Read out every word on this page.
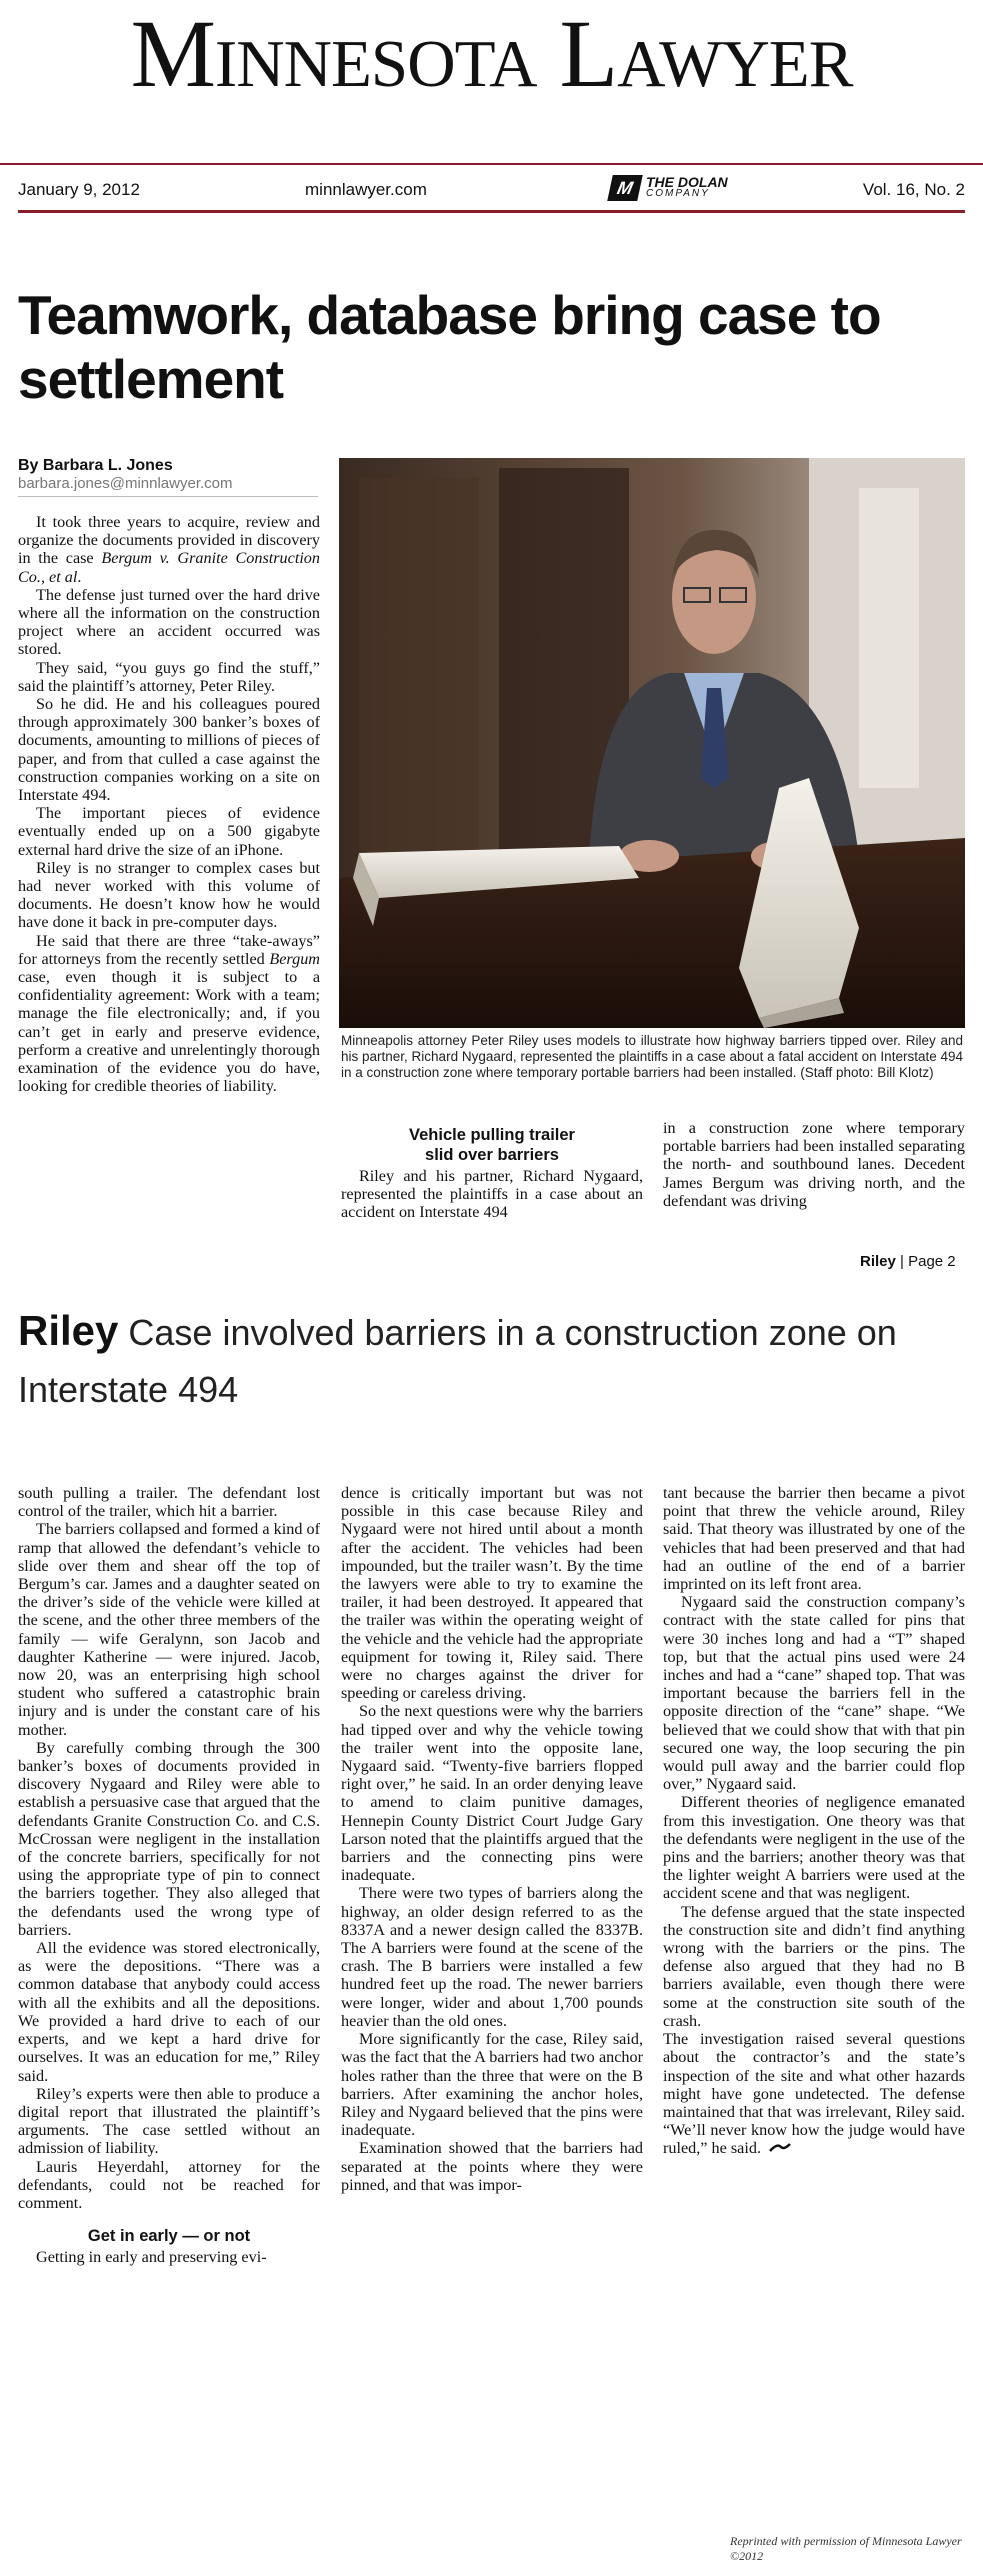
Minnesota Lawyer
January 9, 2012	minnlawyer.com	M THE DOLAN
COMPANY	Vol. 16, No. 2
Teamwork, database bring case to settlement
By Barbara L. Jones
barbara.jones@minnlawyer.com

It took three years to acquire, review and organize the documents provided in discovery in the case Bergum v. Granite Construction Co., et al.

The defense just turned over the hard drive where all the information on the construction project where an accident occurred was stored.

They said, “you guys go find the stuff,” said the plaintiff’s attorney, Peter Riley.

So he did. He and his colleagues poured through approximately 300 banker’s boxes of documents, amounting to millions of pieces of paper, and from that culled a case against the construction companies working on a site on Interstate 494.

The important pieces of evidence eventually ended up on a 500 gigabyte external hard drive the size of an iPhone.

Riley is no stranger to complex cases but had never worked with this volume of documents. He doesn’t know how he would have done it back in pre-computer days.

He said that there are three “take-aways” for attorneys from the recently settled Bergum case, even though it is subject to a confidentiality agreement: Work with a team; manage the file electronically; and, if you can’t get in early and preserve evidence, perform a creative and unrelentingly thorough examination of the evidence you do have, looking for credible theories of liability.

Minneapolis attorney Peter Riley uses models to illustrate how highway barriers tipped over. Riley and his partner, Richard Nygaard, represented the plaintiffs in a case about a fatal accident on Interstate 494 in a construction zone where temporary portable barriers had been installed. (Staff photo: Bill Klotz)
Vehicle pulling trailer
slid over barriers

Riley and his partner, Richard Nygaard, represented the plaintiffs in a case about an accident on Interstate 494

in a construction zone where temporary portable barriers had been installed separating the north- and southbound lanes. Decedent James Bergum was driving north, and the defendant was driving

Riley | Page 2
Riley Case involved barriers in a construction zone on Interstate 494

south pulling a trailer. The defendant lost control of the trailer, which hit a barrier.

The barriers collapsed and formed a kind of ramp that allowed the defendant’s vehicle to slide over them and shear off the top of Bergum’s car. James and a daughter seated on the driver’s side of the vehicle were killed at the scene, and the other three members of the family — wife Geralynn, son Jacob and daughter Katherine — were injured. Jacob, now 20, was an enterprising high school student who suffered a catastrophic brain injury and is under the constant care of his mother.

By carefully combing through the 300 banker’s boxes of documents provided in discovery Nygaard and Riley were able to establish a persuasive case that argued that the defendants Granite Construction Co. and C.S. McCrossan were negligent in the installation of the concrete barriers, specifically for not using the appropriate type of pin to connect the barriers together. They also alleged that the defendants used the wrong type of barriers.

All the evidence was stored electronically, as were the depositions. “There was a common database that anybody could access with all the exhibits and all the depositions. We provided a hard drive to each of our experts, and we kept a hard drive for ourselves. It was an education for me,” Riley said.

Riley’s experts were then able to produce a digital report that illustrated the plaintiff’s arguments. The case settled without an admission of liability.

Lauris Heyerdahl, attorney for the defendants, could not be reached for comment.

Get in early — or not

Getting in early and preserving evi-

dence is critically important but was not possible in this case because Riley and Nygaard were not hired until about a month after the accident. The vehicles had been impounded, but the trailer wasn’t. By the time the lawyers were able to try to examine the trailer, it had been destroyed. It appeared that the trailer was within the operating weight of the vehicle and the vehicle had the appropriate equipment for towing it, Riley said. There were no charges against the driver for speeding or careless driving.

So the next questions were why the barriers had tipped over and why the vehicle towing the trailer went into the opposite lane, Nygaard said. “Twenty-five barriers flopped right over,” he said. In an order denying leave to amend to claim punitive damages, Hennepin County District Court Judge Gary Larson noted that the plaintiffs argued that the barriers and the connecting pins were inadequate.

There were two types of barriers along the highway, an older design referred to as the 8337A and a newer design called the 8337B. The A barriers were found at the scene of the crash. The B barriers were installed a few hundred feet up the road. The newer barriers were longer, wider and about 1,700 pounds heavier than the old ones.

More significantly for the case, Riley said, was the fact that the A barriers had two anchor holes rather than the three that were on the B barriers. After examining the anchor holes, Riley and Nygaard believed that the pins were inadequate.

Examination showed that the barriers had separated at the points where they were pinned, and that was impor-

tant because the barrier then became a pivot point that threw the vehicle around, Riley said. That theory was illustrated by one of the vehicles that had been preserved and that had had an outline of the end of a barrier imprinted on its left front area.

Nygaard said the construction company’s contract with the state called for pins that were 30 inches long and had a “T” shaped top, but that the actual pins used were 24 inches and had a “cane” shaped top. That was important because the barriers fell in the opposite direction of the “cane” shape. “We believed that we could show that with that pin secured one way, the loop securing the pin would pull away and the barrier could flop over,” Nygaard said.

Different theories of negligence emanated from this investigation. One theory was that the defendants were negligent in the use of the pins and the barriers; another theory was that the lighter weight A barriers were used at the accident scene and that was negligent.

The defense argued that the state inspected the construction site and didn’t find anything wrong with the barriers or the pins. The defense also argued that they had no B barriers available, even though there were some at the construction site south of the crash.

The investigation raised several questions about the contractor’s and the state’s inspection of the site and what other hazards might have gone undetected. The defense maintained that that was irrelevant, Riley said. “We’ll never know how the judge would have ruled,” he said.

Reprinted with permission of Minnesota Lawyer ©2012
